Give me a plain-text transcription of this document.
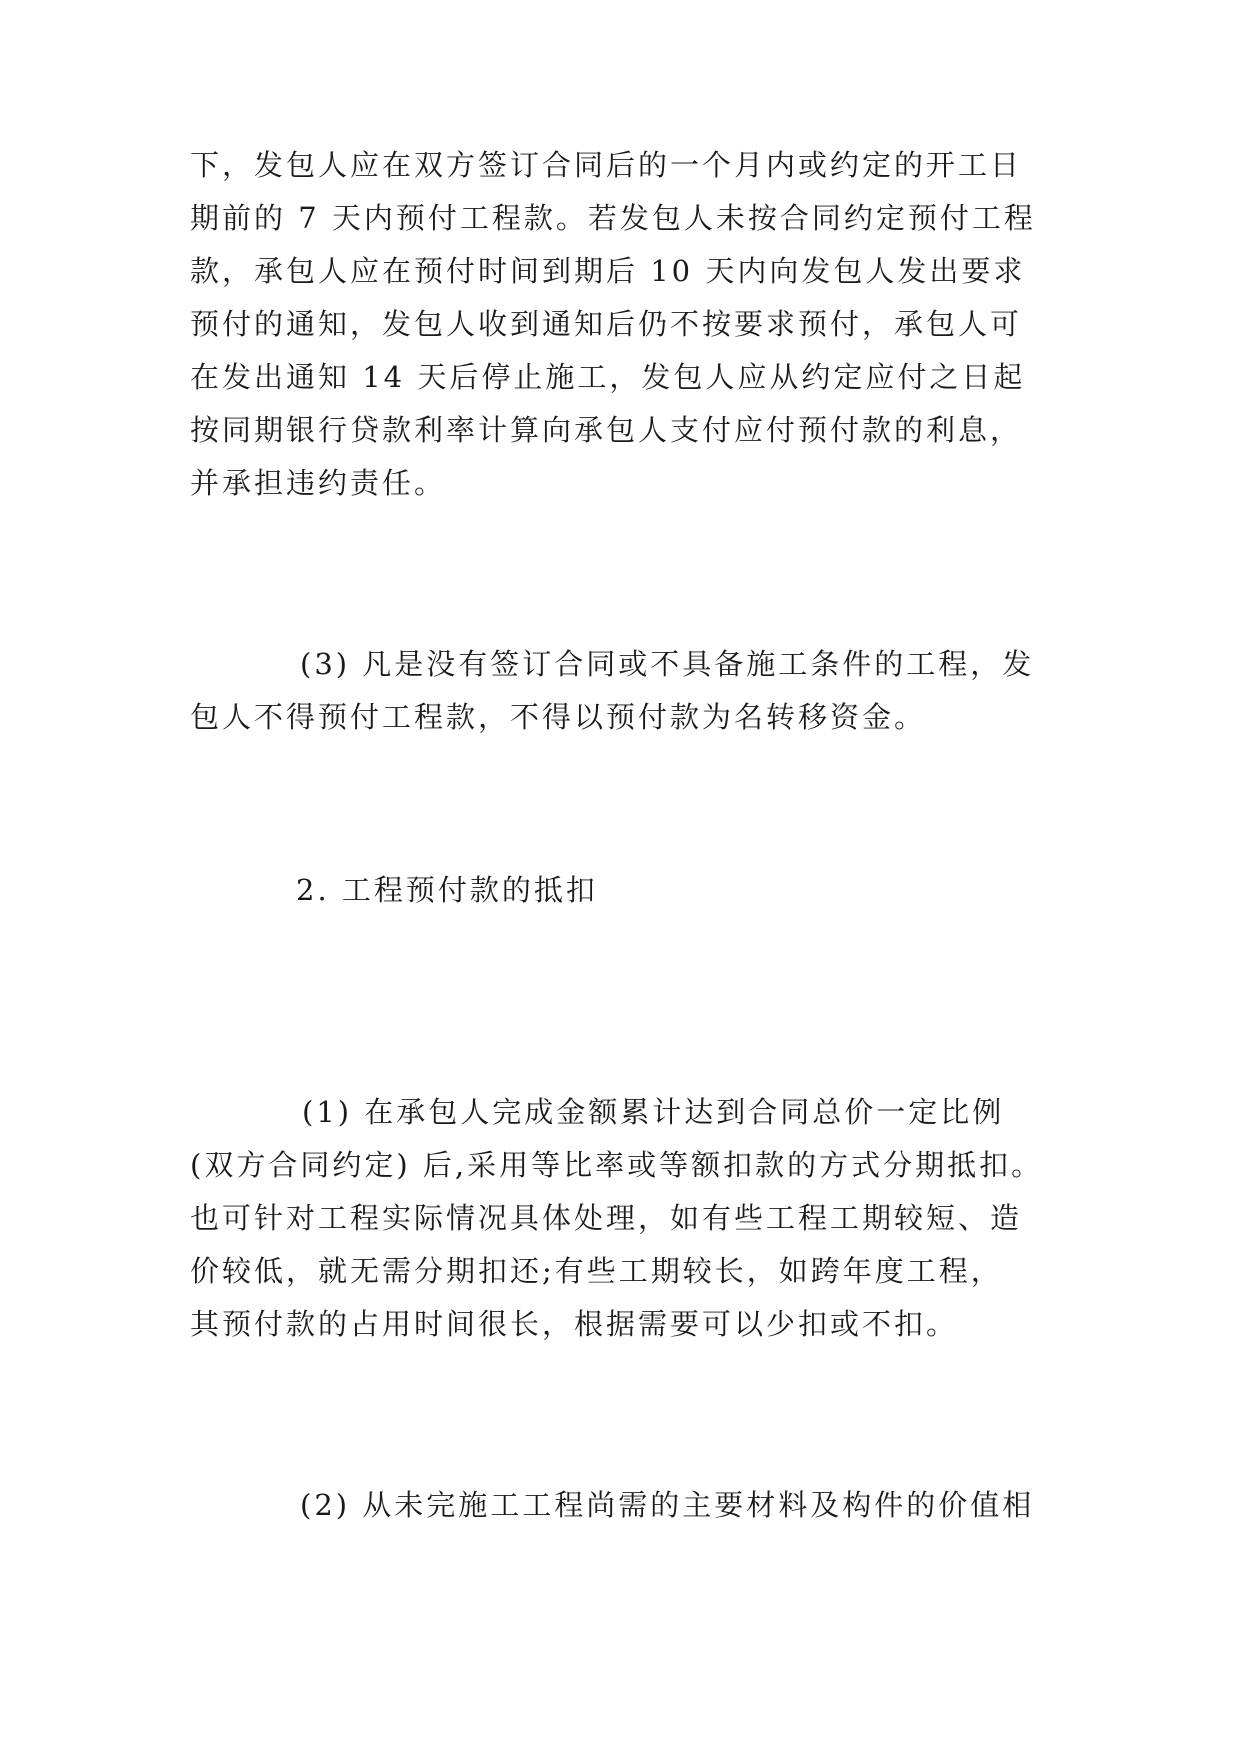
下，发包人应在双方签订合同后的一个月内或约定的开工日
期前的 7 天内预付工程款。若发包人未按合同约定预付工程
款，承包人应在预付时间到期后 10 天内向发包人发出要求
预付的通知，发包人收到通知后仍不按要求预付，承包人可
在发出通知 14 天后停止施工，发包人应从约定应付之日起
按同期银行贷款利率计算向承包人支付应付预付款的利息，
并承担违约责任。
(3) 凡是没有签订合同或不具备施工条件的工程，发
包人不得预付工程款，不得以预付款为名转移资金。
2. 工程预付款的抵扣
(1) 在承包人完成金额累计达到合同总价一定比例
(双方合同约定) 后,采用等比率或等额扣款的方式分期抵扣。
也可针对工程实际情况具体处理，如有些工程工期较短、造
价较低，就无需分期扣还;有些工期较长，如跨年度工程，
其预付款的占用时间很长，根据需要可以少扣或不扣。
(2) 从未完施工工程尚需的主要材料及构件的价值相
